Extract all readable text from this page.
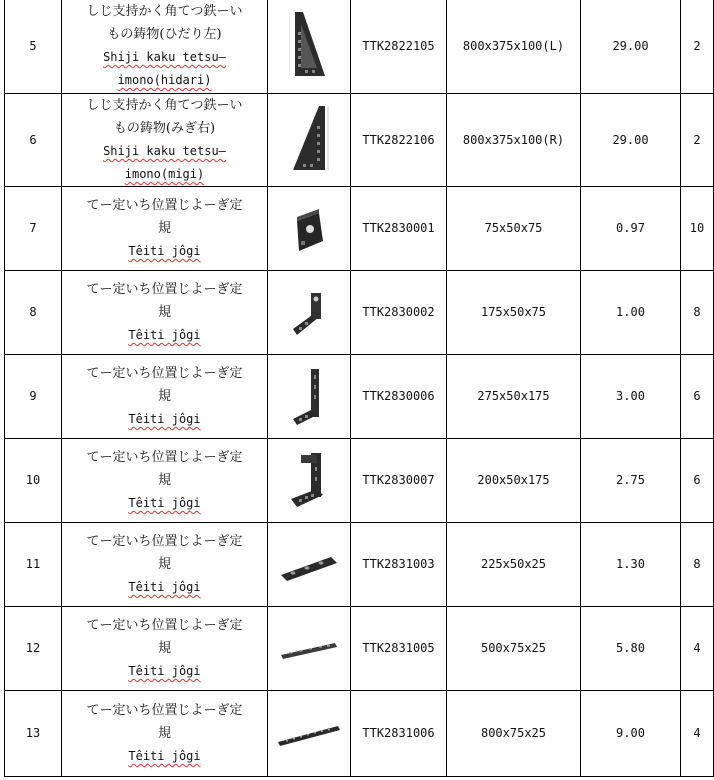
5	しじ支持かく角てつ鉄ーい
もの鋳物(ひだり左)
Shiji kaku tetsu—
imono(hidari)		TTK2822105	800x375x100(L)	29.00	2
6	しじ支持かく角てつ鉄ーい
もの鋳物(みぎ右)
Shiji kaku tetsu—
imono(migi)		TTK2822106	800x375x100(R)	29.00	2
7	てー定いち位置じよーぎ定
規
Têiti jôgi		TTK2830001	75x50x75	0.97	10
8	てー定いち位置じよーぎ定
規
Têiti jôgi		TTK2830002	175x50x75	1.00	8
9	てー定いち位置じよーぎ定
規
Têiti jôgi		TTK2830006	275x50x175	3.00	6
10	てー定いち位置じよーぎ定
規
Têiti jôgi		TTK2830007	200x50x175	2.75	6
11	てー定いち位置じよーぎ定
規
Têiti jôgi		TTK2831003	225x50x25	1.30	8
12	てー定いち位置じよーぎ定
規
Têiti jôgi		TTK2831005	500x75x25	5.80	4
13	てー定いち位置じよーぎ定
規
Têiti jôgi		TTK2831006	800x75x25	9.00	4
